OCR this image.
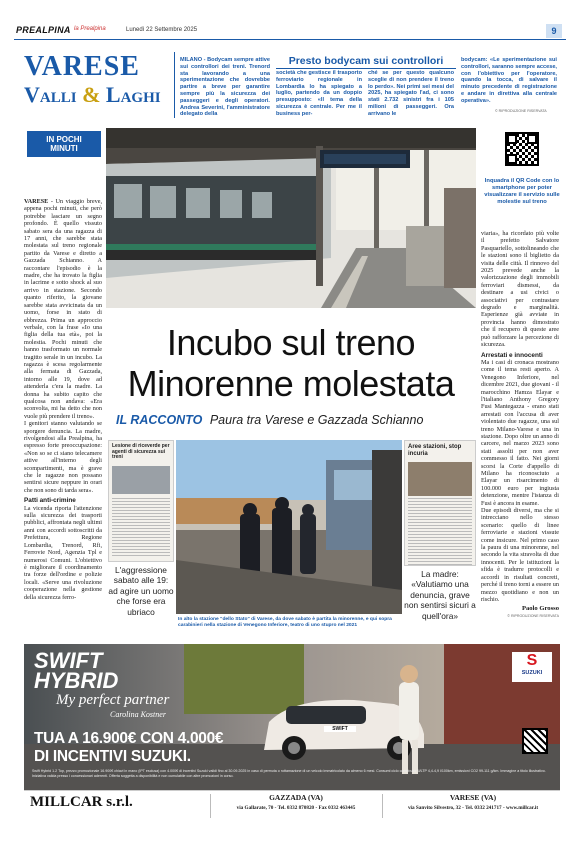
PREALPINA la Prealpina	Lunedì 22 Settembre 2025	9
VARESE
Valli & Laghi
MILANO - Bodycam sempre attive sui controllori dei treni. Trenord sta lavorando a una sperimentazione che dovrebbe partire a breve per garantire sempre più la sicurezza dei passeggeri e degli operatori. Andrea Severini, l'amministratore delegato della
Presto bodycam sui controllori
società che gestisce il trasporto ferroviario regionale in Lombardia lo ha spiegato a luglio, partendo da un doppio presupposto: «Il tema della sicurezza è centrale. Per me il business per-
ché se per questo qualcuno sceglie di non prendere il treno lo perdo». Nei primi sei mesi del 2025, ha spiegato l'ad, ci sono stati 2.732 sinistri fra i 105 milioni di passeggeri. Ora arrivano le
bodycam: «Le sperimentazione sui controllori, saranno sempre accese, con l'obiettivo per l'operatore, quando la tocca, di salvare il minuto precedente di registrazione e andare in direttiva alla centrale operativa».
© RIPRODUZIONE RISERVATA
IN POCHI MINUTI
Inquadra il QR Code con lo smartphone per poter visualizzare il servizio sulle molestie sul treno

VARESE - Un viaggio breve, appena pochi minuti, che però potrebbe lasciare un segno profondo. È quello vissuto sabato sera da una ragazza di 17 anni, che sarebbe stata molestata sul treno regionale partito da Varese e diretto a Gazzada Schianno. A raccontare l'episodio è la madre, che ha trovato la figlia in lacrime e sotto shock al suo arrivo in stazione. Secondo quanto riferito, la giovane sarebbe stata avvicinata da un uomo, forse in stato di ebbrezza. Prima un approccio verbale, con la frase «Io una figlia della tua età», poi la molestia. Pochi minuti che hanno trasformato un normale tragitto serale in un incubo. La ragazza è scesa regolarmente alla fermata di Gazzada, intorno alle 19, dove ad attenderla c'era la madre. La donna ha subito capito che qualcosa non andava: «Era sconvolta, mi ha detto che non vuole più prendere il treno».

I genitori stanno valutando se sporgere denuncia. La madre, rivolgendosi alla Prealpina, ha espresso forte preoccupazione: «Non so se ci siano telecamere attive all'interno degli scompartimenti, ma è grave che le ragazze non possano sentirsi sicure neppure in orari che non sono di tarda sera».

Patti anti-crimine

La vicenda riporta l'attenzione sulla sicurezza dei trasporti pubblici, affrontata negli ultimi anni con accordi sottoscritti da Prefettura, Regione Lombardia, Trenord, Rfi, Ferrovie Nord, Agenzia Tpl e numerosi Comuni. L'obiettivo è migliorare il coordinamento tra forze dell'ordine e polizie locali. «Serve una rivoluzione cooperazione nella gestione della sicurezza ferro-

viaria», ha ricordato più volte il prefetto Salvatore Pasquariello, sottolineando che le stazioni sono il biglietto da visita delle città. Il rinnovo del 2025 prevede anche la valorizzazione degli immobili ferroviari dismessi, da destinare a usi civici o associativi per contrastare degrado e marginalità. Esperienze già avviate in provincia hanno dimostrato che il recupero di queste aree può rafforzare la percezione di sicurezza.

Arrestati e innocenti

Ma i casi di cronaca mostrano come il tema resti aperto. A Venegono Inferiore, nel dicembre 2021, due giovani - il marocchino Hamza Elayar e l'italiano Anthony Gregory Fusi Mantegazza - erano stati arrestati con l'accusa di aver violentato due ragazze, una sul treno Milano-Varese e una in stazione. Dopo oltre un anno di carcere, nel marzo 2023 sono stati assolti per non aver commesso il fatto. Nei giorni scorsi la Corte d'appello di Milano ha riconosciuto a Elayar un risarcimento di 100.000 euro per ingiusta detenzione, mentre l'istanza di Fusi è ancora in esame.

Due episodi diversi, ma che si intrecciano nello stesso scenario: quello di linee ferroviarie e stazioni vissute come insicure. Nel primo caso la paura di una minorenne, nel secondo la vita stravolta di due innocenti. Per le istituzioni la sfida è tradurre protocolli e accordi in risultati concreti, perché il treno torni a essere un mezzo quotidiano e non un rischio.

Paolo Grosso
© RIPRODUZIONE RISERVATA
Incubo sul treno
Minorenne molestata
IL RACCONTO Paura tra Varese e Gazzada Schianno
Lesione di riceverde per agenti di sicurezza sui treni
Aree stazioni, stop incuria
L'aggressione sabato alle 19: ad agire un uomo che forse era ubriaco
La madre: «Valutiamo una denuncia, grave non sentirsi sicuri a quell'ora»
In alto la stazione "dello Stato" di Varese, da dove sabato è partita la minorenne, e qui sopra carabinieri nella stazione di Venegono Inferiore, teatro di uno stupro nel 2021
SWIFT
HYBRID
My perfect partner
Carolina Kostner
TUA A 16.900€ CON 4.000€
DI INCENTIVI SUZUKI.
SWIFT
S
SUZUKI
Swift Hybrid 1.2 Top, prezzo promozionale 16.900€ chiavi in mano (IPT esclusa) con 4.000€ di incentivi Suzuki validi fino al 30.09.2025 in caso di permuta o rottamazione di un veicolo immatricolato da almeno 6 mesi. Consumi ciclo combinato WLTP 4,4-4,9 l/100km, emissioni CO2 99-111 g/km. Immagine a titolo illustrativo. Iniziativa valida presso i concessionari aderenti. Offerta soggetta a disponibilità e non cumulabile con altre promozioni in corso.
MILLCAR s.r.l.	GAZZADA (VA)
via Gallarate, 70 - Tel. 0332 870820 - Fax 0332 463445
VARESE (VA)
via Sanvito Silvestro, 32 - Tel. 0332 241717 - www.millcar.it
